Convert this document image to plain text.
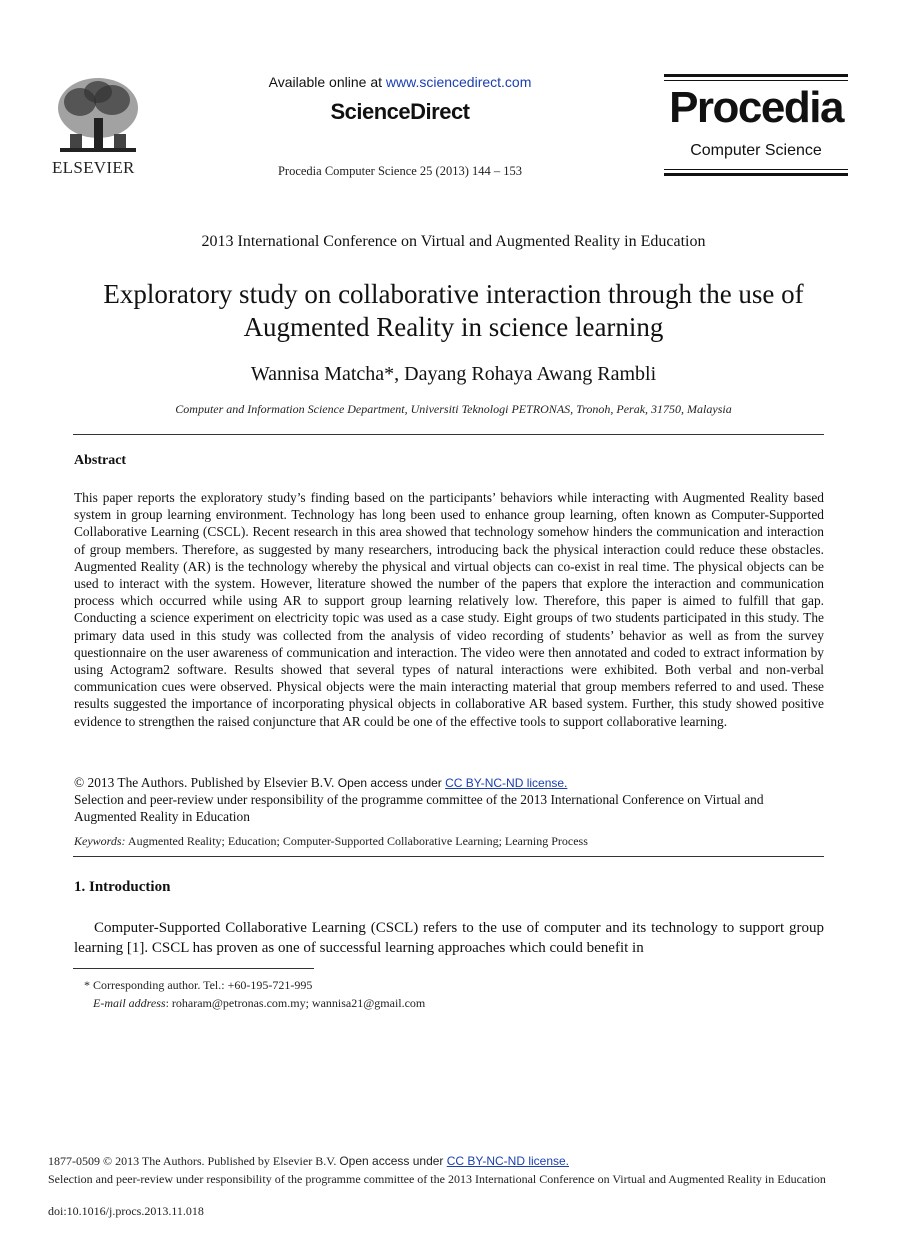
ELSEVIER
Available online at www.sciencedirect.com
ScienceDirect
Procedia Computer Science 25 (2013) 144 – 153
Procedia
Computer Science
2013 International Conference on Virtual and Augmented Reality in Education
Exploratory study on collaborative interaction through the use of
Augmented Reality in science learning
Wannisa Matcha*, Dayang Rohaya Awang Rambli
Computer and Information Science Department, Universiti Teknologi PETRONAS, Tronoh, Perak, 31750, Malaysia
Abstract
This paper reports the exploratory study’s finding based on the participants’ behaviors while interacting with Augmented Reality based system in group learning environment. Technology has long been used to enhance group learning, often known as Computer-Supported Collaborative Learning (CSCL). Recent research in this area showed that technology somehow hinders the communication and interaction of group members. Therefore, as suggested by many researchers, introducing back the physical interaction could reduce these obstacles. Augmented Reality (AR) is the technology whereby the physical and virtual objects can co-exist in real time. The physical objects can be used to interact with the system. However, literature showed the number of the papers that explore the interaction and communication process which occurred while using AR to support group learning relatively low. Therefore, this paper is aimed to fulfill that gap. Conducting a science experiment on electricity topic was used as a case study. Eight groups of two students participated in this study. The primary data used in this study was collected from the analysis of video recording of students’ behavior as well as from the survey questionnaire on the user awareness of communication and interaction. The video were then annotated and coded to extract information by using Actogram2 software. Results showed that several types of natural interactions were exhibited. Both verbal and non-verbal communication cues were observed. Physical objects were the main interacting material that group members referred to and used. These results suggested the importance of incorporating physical objects in collaborative AR based system. Further, this study showed positive evidence to strengthen the raised conjuncture that AR could be one of the effective tools to support collaborative learning.
© 2013 The Authors. Published by Elsevier B.V. Open access under CC BY-NC-ND license.
Selection and peer-review under responsibility of the programme committee of the 2013 International Conference on Virtual and Augmented Reality in Education
Keywords: Augmented Reality; Education; Computer-Supported Collaborative Learning; Learning Process
1. Introduction
Computer-Supported Collaborative Learning (CSCL) refers to the use of computer and its technology to support group learning [1]. CSCL has proven as one of successful learning approaches which could benefit in
* Corresponding author. Tel.: +60-195-721-995
E-mail address: roharam@petronas.com.my; wannisa21@gmail.com
1877-0509 © 2013 The Authors. Published by Elsevier B.V. Open access under CC BY-NC-ND license.
Selection and peer-review under responsibility of the programme committee of the 2013 International Conference on Virtual and Augmented Reality in Education
doi:10.1016/j.procs.2013.11.018
